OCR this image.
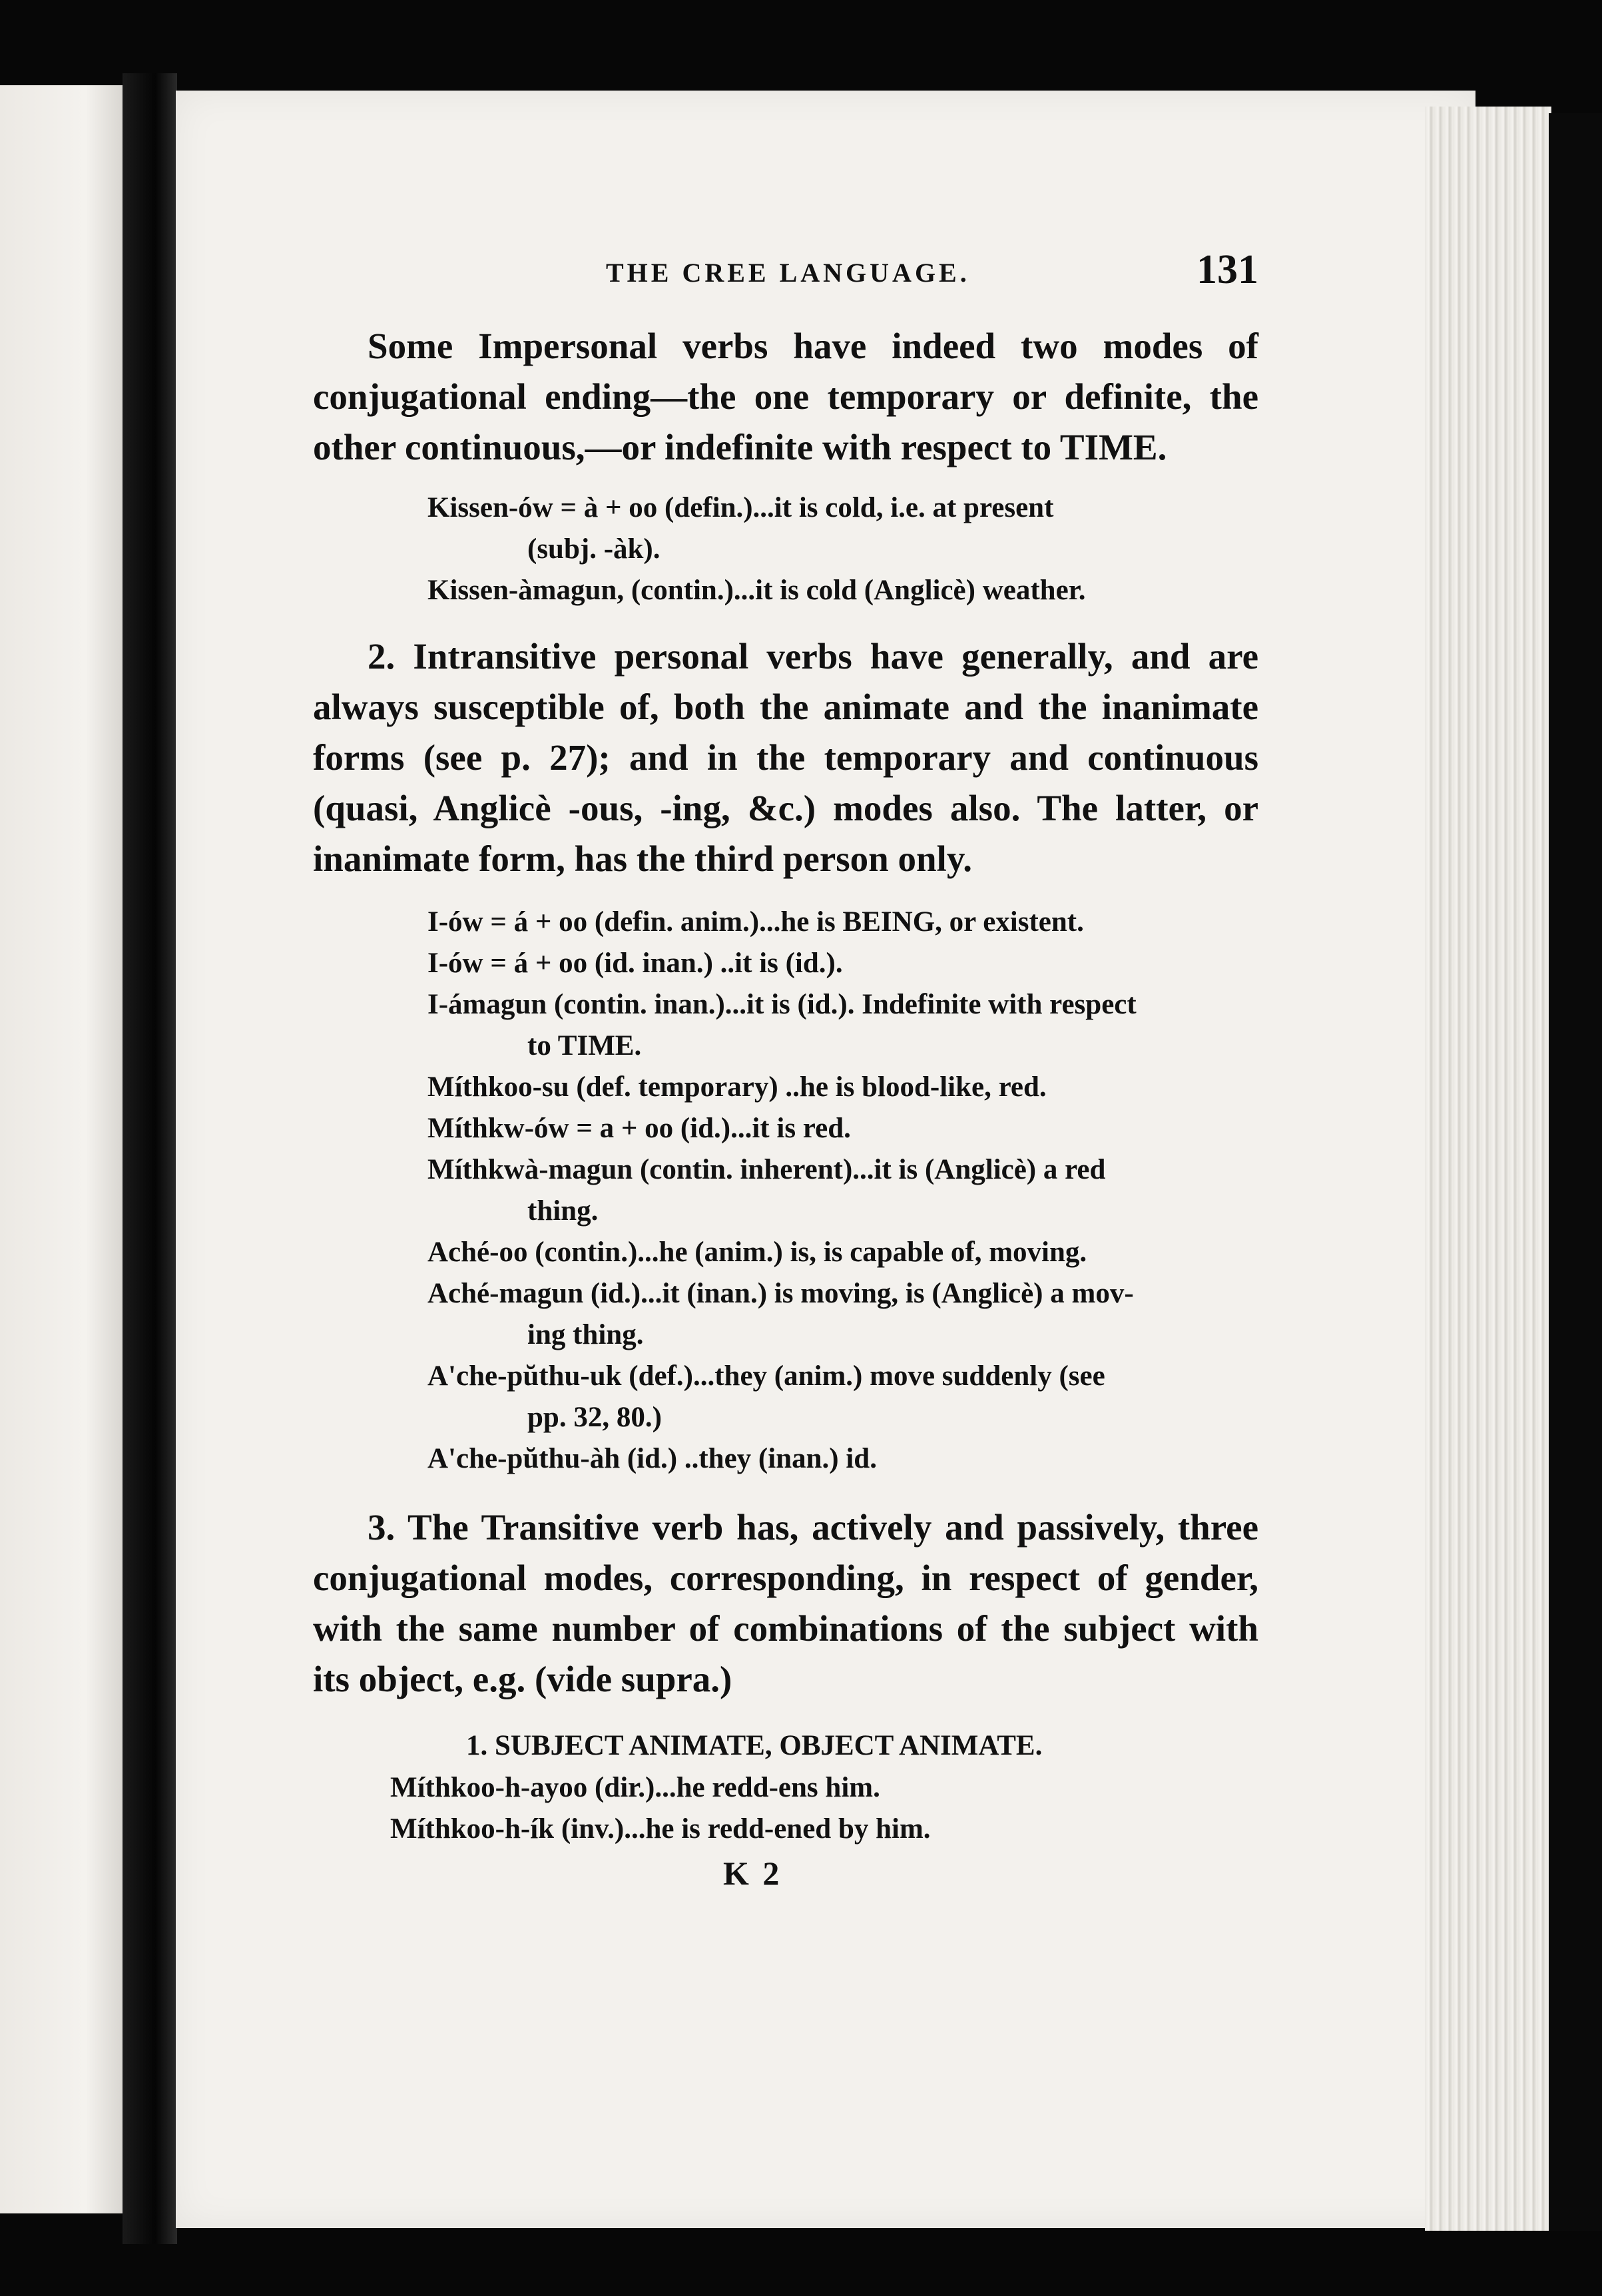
THE CREE LANGUAGE.	131

Some Impersonal verbs have indeed two modes of conjugational ending—the one temporary or definite, the other continuous,—or indefinite with respect to TIME.

Kissen-ów = à + oo (defin.)...it is cold, i.e. at present

(subj. -àk).

Kissen-àmagun, (contin.)...it is cold (Anglicè) weather.

2. Intransitive personal verbs have generally, and are always susceptible of, both the animate and the inanimate forms (see p. 27); and in the temporary and continuous (quasi, Anglicè -ous, -ing, &c.) modes also. The latter, or inanimate form, has the third person only.

I-ów = á + oo (defin. anim.)...he is BEING, or existent.

I-ów = á + oo (id. inan.) ..it is (id.).

I-ámagun (contin. inan.)...it is (id.). Indefinite with respect

to TIME.

Míthkoo-su (def. temporary) ..he is blood-like, red.

Míthkw-ów = a + oo (id.)...it is red.

Míthkwà-magun (contin. inherent)...it is (Anglicè) a red

thing.

Aché-oo (contin.)...he (anim.) is, is capable of, moving.

Aché-magun (id.)...it (inan.) is moving, is (Anglicè) a mov-

ing thing.

A'che-pŭthu-uk (def.)...they (anim.) move suddenly (see

pp. 32, 80.)

A'che-pŭthu-àh (id.) ..they (inan.) id.

3. The Transitive verb has, actively and passively, three conjugational modes, corresponding, in respect of gender, with the same number of combinations of the subject with its object, e.g. (vide supra.)

1. SUBJECT ANIMATE, OBJECT ANIMATE.

Míthkoo-h-ayoo (dir.)...he redd-ens him.

Míthkoo-h-ík (inv.)...he is redd-ened by him.

K 2
